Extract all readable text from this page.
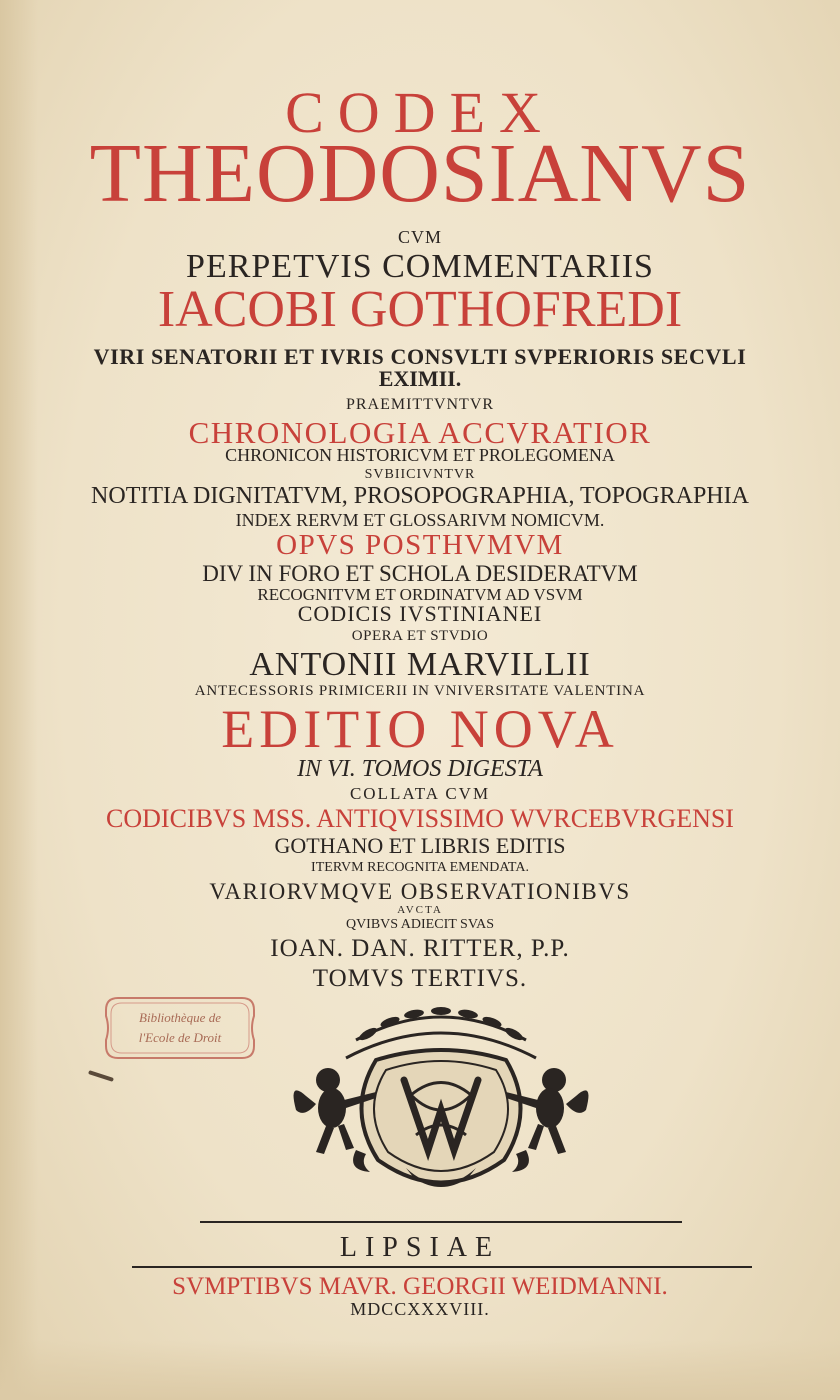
CODEX
THEODOSIANVS
CVM
PERPETVIS COMMENTARIIS
IACOBI GOTHOFREDI
VIRI SENATORII ET IVRIS CONSVLTI SVPERIORIS SECVLI
EXIMII.
PRAEMITTVNTVR
CHRONOLOGIA ACCVRATIOR
CHRONICON HISTORICVM ET PROLEGOMENA
SVBIICIVNTVR
NOTITIA DIGNITATVM, PROSOPOGRAPHIA, TOPOGRAPHIA
INDEX RERVM ET GLOSSARIVM NOMICVM.
OPVS POSTHVMVM
DIV IN FORO ET SCHOLA DESIDERATVM
RECOGNITVM ET ORDINATVM AD VSVM
CODICIS IVSTINIANEI
OPERA ET STVDIO
ANTONII MARVILLII
ANTECESSORIS PRIMICERII IN VNIVERSITATE VALENTINA
EDITIO NOVA
IN VI. TOMOS DIGESTA
COLLATA CVM
CODICIBVS MSS. ANTIQVISSIMO WVRCEBVRGENSI
GOTHANO ET LIBRIS EDITIS
ITERVM RECOGNITA EMENDATA.
VARIORVMQVE OBSERVATIONIBVS
AVCTA
QVIBVS ADIECIT SVAS
IOAN. DAN. RITTER, P.P.
TOMVS TERTIVS.
Bibliothèque de
l'Ecole de Droit
LIPSIAE
SVMPTIBVS MAVR. GEORGII WEIDMANNI.
MDCCXXXVIII.
